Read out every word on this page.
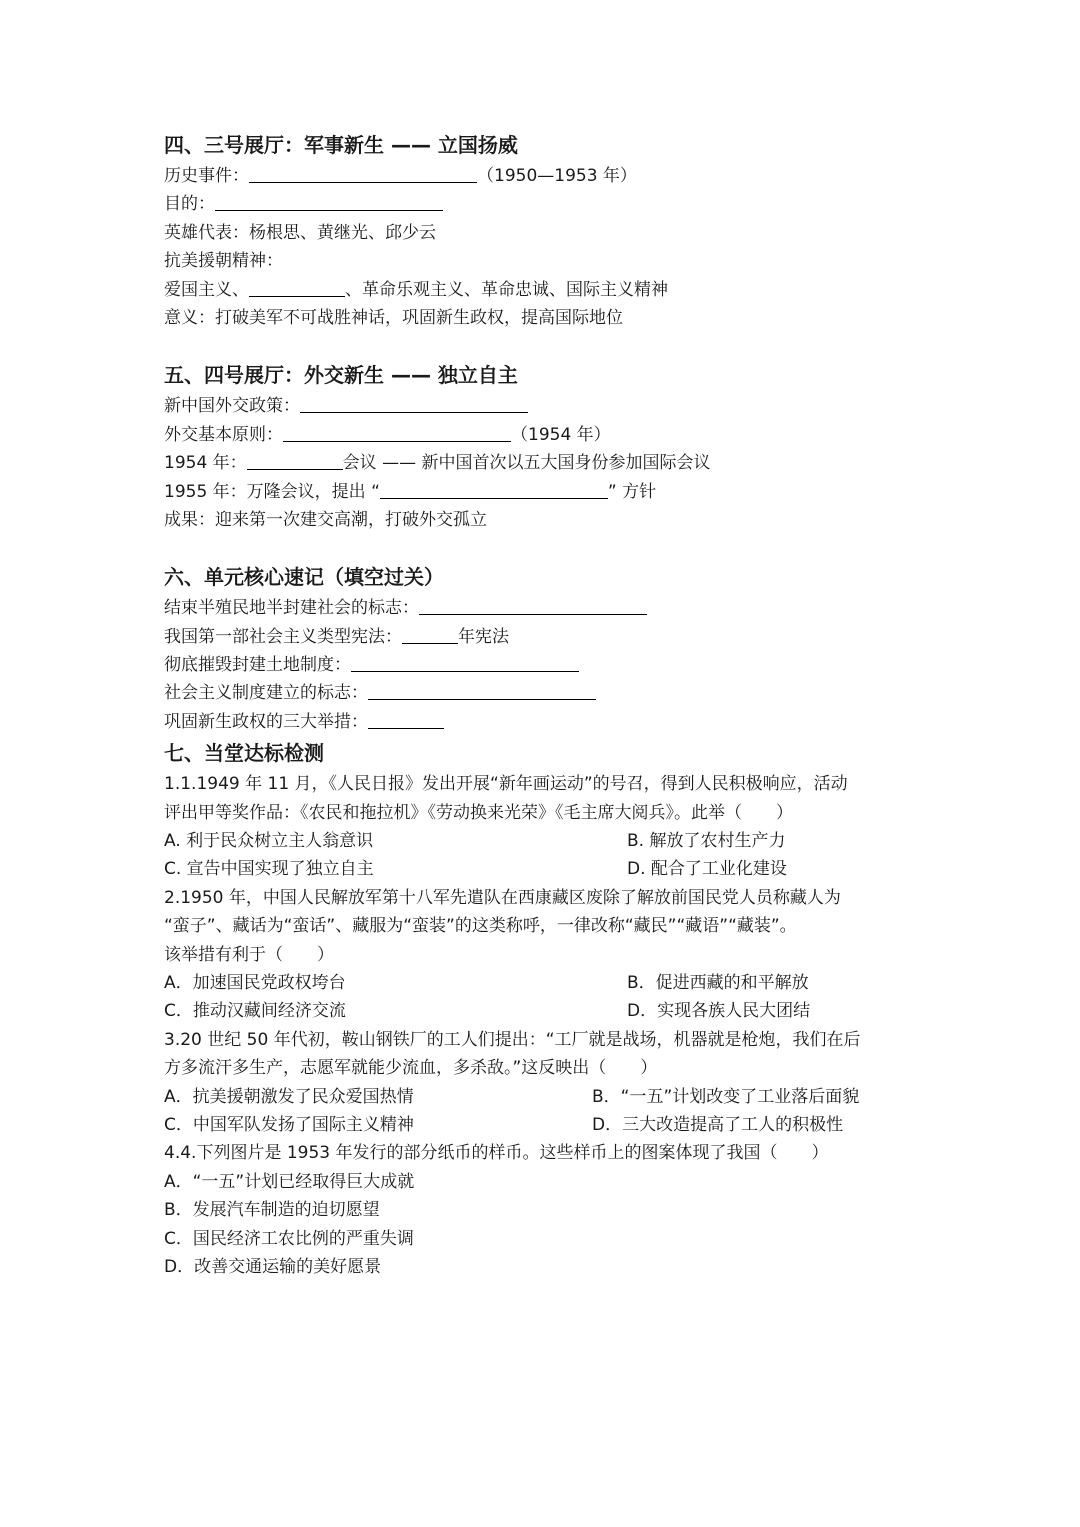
四、三号展厅：军事新生 —— 立国扬威

历史事件：	（1950—1953 年）

目的：

英雄代表：杨根思、黄继光、邱少云

抗美援朝精神：

爱国主义、	、革命乐观主义、革命忠诚、国际主义精神

意义：打破美军不可战胜神话，巩固新生政权，提高国际地位

五、四号展厅：外交新生 —— 独立自主

新中国外交政策：

外交基本原则：	（1954 年）

1954 年：	会议 —— 新中国首次以五大国身份参加国际会议

1955 年：万隆会议，提出 “	” 方针

成果：迎来第一次建交高潮，打破外交孤立

六、单元核心速记（填空过关）

结束半殖民地半封建社会的标志：

我国第一部社会主义类型宪法：	年宪法

彻底摧毁封建土地制度：

社会主义制度建立的标志：

巩固新生政权的三大举措：

七、当堂达标检测

1.1.1949 年 11 月，《人民日报》发出开展“新年画运动”的号召，得到人民积极响应，活动

评出甲等奖作品：《农民和拖拉机》《劳动换来光荣》《毛主席大阅兵》。此举（　　）

A. 利于民众树立主人翁意识	B. 解放了农村生产力

C. 宣告中国实现了独立自主	D. 配合了工业化建设

2.1950 年，中国人民解放军第十八军先遣队在西康藏区废除了解放前国民党人员称藏人为

“蛮子”、藏话为“蛮话”、藏服为“蛮装”的这类称呼，一律改称“藏民”“藏语”“藏装”。

该举措有利于（　　）

A．加速国民党政权垮台	B．促进西藏的和平解放

C．推动汉藏间经济交流	D．实现各族人民大团结

3.20 世纪 50 年代初，鞍山钢铁厂的工人们提出：“工厂就是战场，机器就是枪炮，我们在后

方多流汗多生产，志愿军就能少流血，多杀敌。”这反映出（　　）

A．抗美援朝激发了民众爱国热情	B．“一五”计划改变了工业落后面貌

C．中国军队发扬了国际主义精神	D．三大改造提高了工人的积极性

4.4.下列图片是 1953 年发行的部分纸币的样币。这些样币上的图案体现了我国（　　）

A．“一五”计划已经取得巨大成就

B．发展汽车制造的迫切愿望

C．国民经济工农比例的严重失调

D．改善交通运输的美好愿景
